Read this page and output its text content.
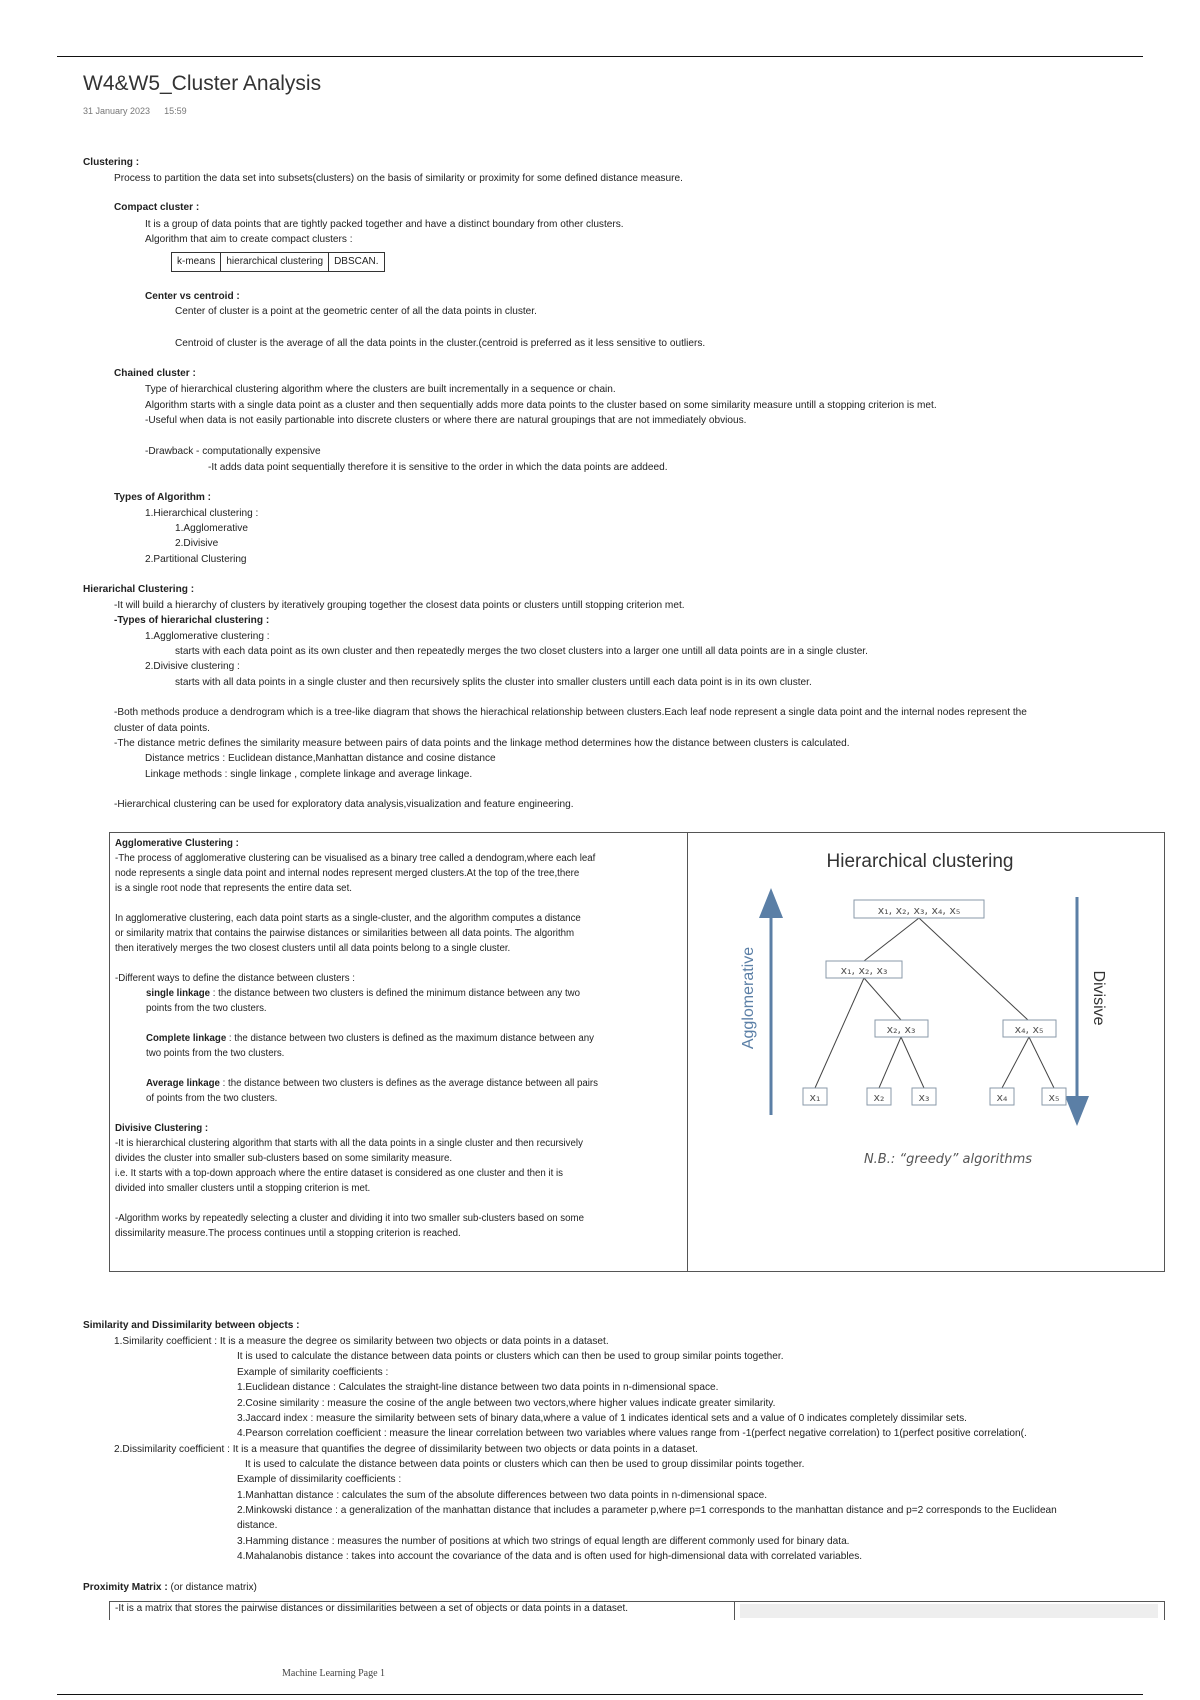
W4&W5_Cluster Analysis
31 January 2023 15:59
Clustering :
Process to partition the data set into subsets(clusters) on the basis of similarity or proximity for some defined distance measure.
Compact cluster :
It is a group of data points that are tightly packed together and have a distinct boundary from other clusters.
Algorithm that aim to create compact clusters :
k-means	hierarchical clustering	DBSCAN.
Center vs centroid :
Center of cluster is a point at the geometric center of all the data points in cluster.
Centroid of cluster is the average of all the data points in the cluster.(centroid is preferred as it less sensitive to outliers.
Chained cluster :
Type of hierarchical clustering algorithm where the clusters are built incrementally in a sequence or chain.
Algorithm starts with a single data point as a cluster and then sequentially adds more data points to the cluster based on some similarity measure untill a stopping criterion is met.
-Useful when data is not easily partionable into discrete clusters or where there are natural groupings that are not immediately obvious.
-Drawback - computationally expensive
-It adds data point sequentially therefore it is sensitive to the order in which the data points are addeed.
Types of Algorithm :
1.Hierarchical clustering :
1.Agglomerative
2.Divisive
2.Partitional Clustering
Hierarichal Clustering :
-It will build a hierarchy of clusters by iteratively grouping together the closest data points or clusters untill stopping criterion met.
-Types of hierarichal clustering :
1.Agglomerative clustering :
starts with each data point as its own cluster and then repeatedly merges the two closet clusters into a larger one untill all data points are in a single cluster.
2.Divisive clustering :
starts with all data points in a single cluster and then recursively splits the cluster into smaller clusters untill each data point is in its own cluster.
-Both methods produce a dendrogram which is a tree-like diagram that shows the hierachical relationship between clusters.Each leaf node represent a single data point and the internal nodes represent the
cluster of data points.
-The distance metric defines the similarity measure between pairs of data points and the linkage method determines how the distance between clusters is calculated.
Distance metrics : Euclidean distance,Manhattan distance and cosine distance
Linkage methods : single linkage , complete linkage and average linkage.
-Hierarchical clustering can be used for exploratory data analysis,visualization and feature engineering.

Agglomerative Clustering :

-The process of agglomerative clustering can be visualised as a binary tree called a dendogram,where each leaf

node represents a single data point and internal nodes represent merged clusters.At the top of the tree,there

is a single root node that represents the entire data set.

In agglomerative clustering, each data point starts as a single-cluster, and the algorithm computes a distance

or similarity matrix that contains the pairwise distances or similarities between all data points. The algorithm

then iteratively merges the two closest clusters until all data points belong to a single cluster.

-Different ways to define the distance between clusters :

single linkage : the distance between two clusters is defined the minimum distance between any two

points from the two clusters.

Complete linkage : the distance between two clusters is defined as the maximum distance between any

two points from the two clusters.

Average linkage : the distance between two clusters is defines as the average distance between all pairs

of points from the two clusters.

Divisive Clustering :

-It is hierarchical clustering algorithm that starts with all the data points in a single cluster and then recursively

divides the cluster into smaller sub-clusters based on some similarity measure.

i.e. It starts with a top-down approach where the entire dataset is considered as one cluster and then it is

divided into smaller clusters until a stopping criterion is met.

-Algorithm works by repeatedly selecting a cluster and dividing it into two smaller sub-clusters based on some

dissimilarity measure.The process continues until a stopping criterion is reached.

Hierarchical clustering
Agglomerative	Divisive
x₁, x₂, x₃, x₄, x₅
x₁, x₂, x₃
x₂, x₃	x₄, x₅
x₁	x₂	x₃	x₄	x₅
N.B.: “greedy” algorithms
Similarity and Dissimilarity between objects :
1.Similarity coefficient : It is a measure the degree os similarity between two objects or data points in a dataset.
It is used to calculate the distance between data points or clusters which can then be used to group similar points together.
Example of similarity coefficients :
1.Euclidean distance : Calculates the straight-line distance between two data points in n-dimensional space.
2.Cosine similarity : measure the cosine of the angle between two vectors,where higher values indicate greater similarity.
3.Jaccard index : measure the similarity between sets of binary data,where a value of 1 indicates identical sets and a value of 0 indicates completely dissimilar sets.
4.Pearson correlation coefficient : measure the linear correlation between two variables where values range from -1(perfect negative correlation) to 1(perfect positive correlation(.
2.Dissimilarity coefficient : It is a measure that quantifies the degree of dissimilarity between two objects or data points in a dataset.
It is used to calculate the distance between data points or clusters which can then be used to group dissimilar points together.
Example of dissimilarity coefficients :
1.Manhattan distance : calculates the sum of the absolute differences between two data points in n-dimensional space.
2.Minkowski distance : a generalization of the manhattan distance that includes a parameter p,where p=1 corresponds to the manhattan distance and p=2 corresponds to the Euclidean
distance.
3.Hamming distance : measures the number of positions at which two strings of equal length are different commonly used for binary data.
4.Mahalanobis distance : takes into account the covariance of the data and is often used for high-dimensional data with correlated variables.
Proximity Matrix : (or distance matrix)
-It is a matrix that stores the pairwise distances or dissimilarities between a set of objects or data points in a dataset.
Machine Learning Page 1
